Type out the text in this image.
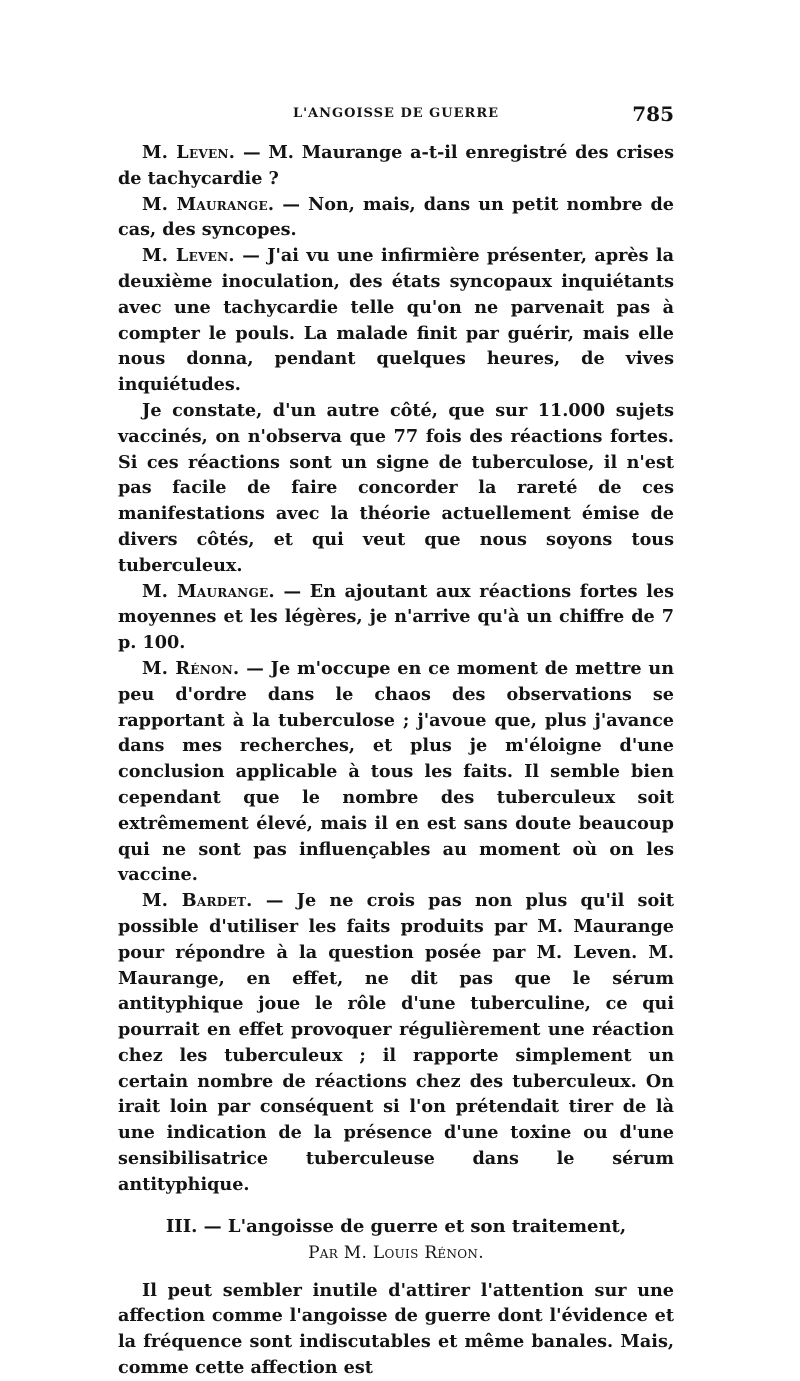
L'ANGOISSE DE GUERRE	785

M. Leven. — M. Maurange a-t-il enregistré des crises de tachycardie ?

M. Maurange. — Non, mais, dans un petit nombre de cas, des syncopes.

M. Leven. — J'ai vu une infirmière présenter, après la deuxième inoculation, des états syncopaux inquiétants avec une tachycardie telle qu'on ne parvenait pas à compter le pouls. La malade finit par guérir, mais elle nous donna, pendant quelques heures, de vives inquiétudes.

Je constate, d'un autre côté, que sur 11.000 sujets vaccinés, on n'observa que 77 fois des réactions fortes. Si ces réactions sont un signe de tuberculose, il n'est pas facile de faire concorder la rareté de ces manifestations avec la théorie actuellement émise de divers côtés, et qui veut que nous soyons tous tuberculeux.

M. Maurange. — En ajoutant aux réactions fortes les moyennes et les légères, je n'arrive qu'à un chiffre de 7 p. 100.

M. Rénon. — Je m'occupe en ce moment de mettre un peu d'ordre dans le chaos des observations se rapportant à la tuberculose ; j'avoue que, plus j'avance dans mes recherches, et plus je m'éloigne d'une conclusion applicable à tous les faits. Il semble bien cependant que le nombre des tuberculeux soit extrêmement élevé, mais il en est sans doute beaucoup qui ne sont pas influençables au moment où on les vaccine.

M. Bardet. — Je ne crois pas non plus qu'il soit possible d'utiliser les faits produits par M. Maurange pour répondre à la question posée par M. Leven. M. Maurange, en effet, ne dit pas que le sérum antityphique joue le rôle d'une tuberculine, ce qui pourrait en effet provoquer régulièrement une réaction chez les tuberculeux ; il rapporte simplement un certain nombre de réactions chez des tuberculeux. On irait loin par conséquent si l'on prétendait tirer de là une indication de la présence d'une toxine ou d'une sensibilisatrice tuberculeuse dans le sérum antityphique.

III. — L'angoisse de guerre et son traitement,
Par M. Louis Rénon.

Il peut sembler inutile d'attirer l'attention sur une affection comme l'angoisse de guerre dont l'évidence et la fréquence sont indiscutables et même banales. Mais, comme cette affection est
